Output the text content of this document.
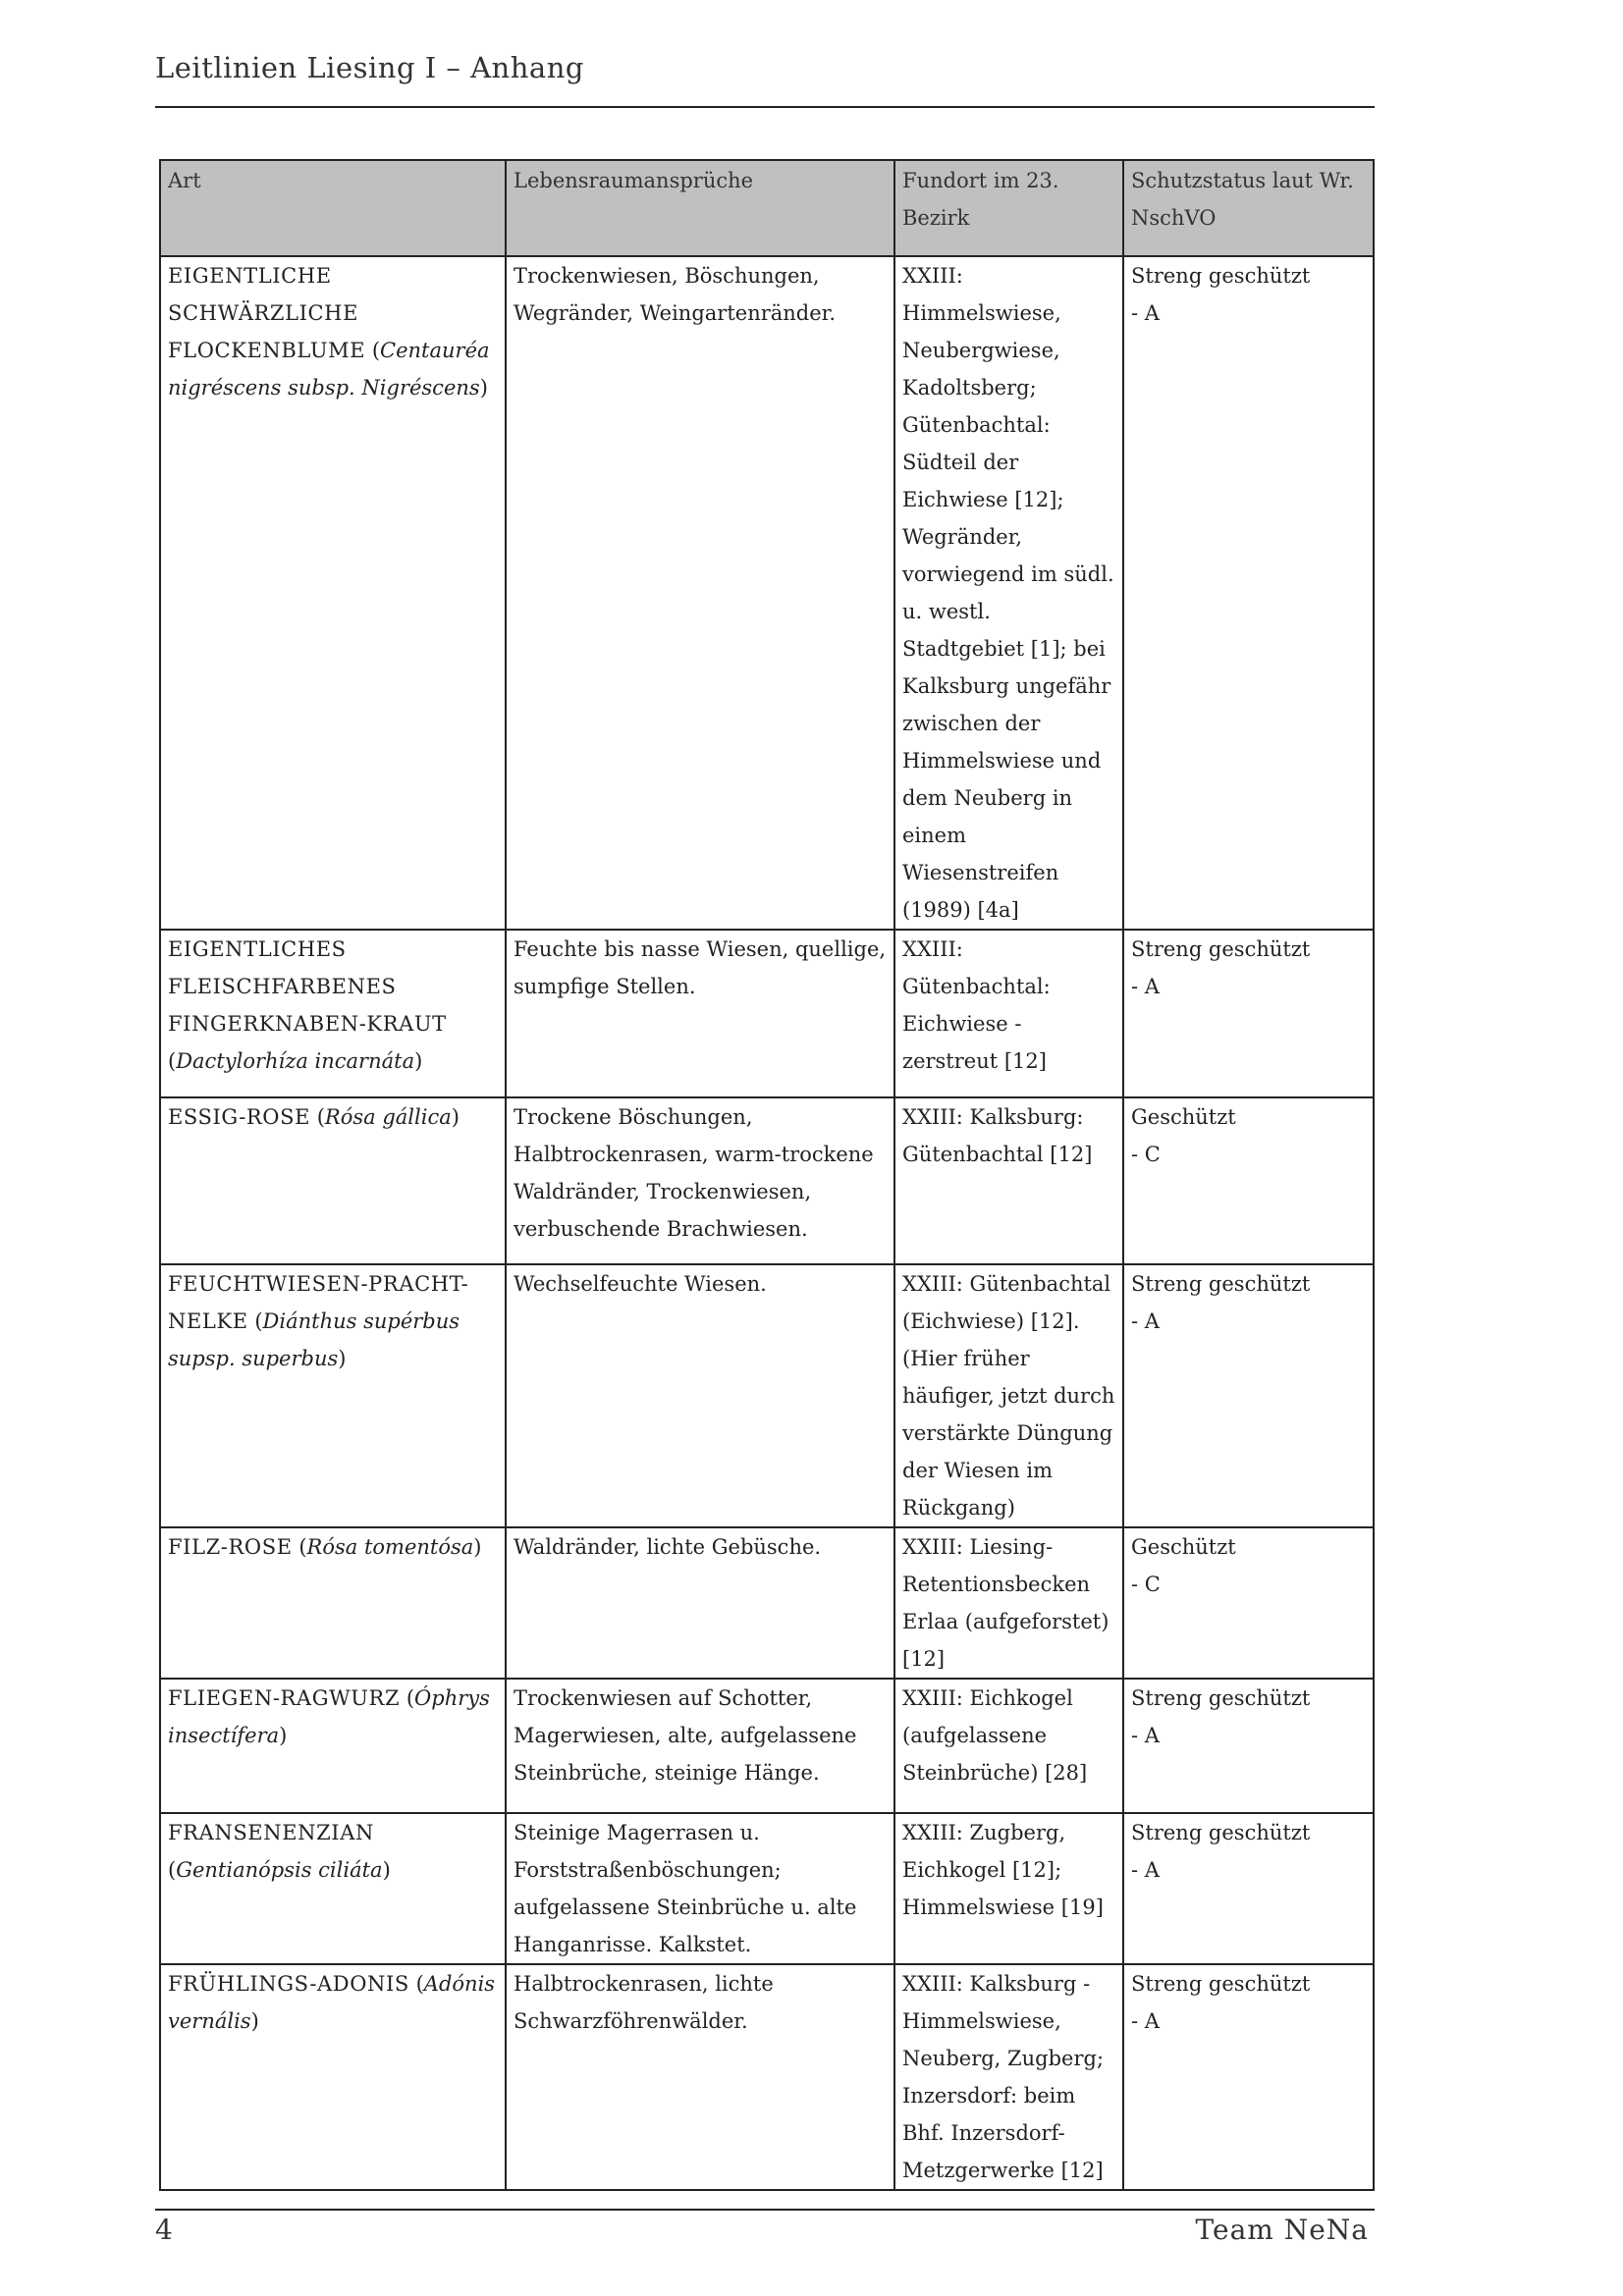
Leitlinien Liesing I – Anhang
Art	Lebensraumansprüche	Fundort im 23. Bezirk	Schutzstatus laut Wr. NschVO
EIGENTLICHE SCHWÄRZLICHE FLOCKENBLUME (Centauréa nigréscens subsp. Nigréscens)	Trockenwiesen, Böschungen, Wegränder, Weingartenränder.	XXIII: Himmelswiese, Neubergwiese, Kadoltsberg; Gütenbachtal: Südteil der Eichwiese [12]; Wegränder, vorwiegend im südl. u. westl. Stadtgebiet [1]; bei Kalksburg ungefähr zwischen der Himmelswiese und dem Neuberg in einem Wiesenstreifen (1989) [4a]	Streng geschützt
- A

EIGENTLICHES FLEISCHFARBENES FINGERKNABEN-KRAUT (Dactylorhíza incarnáta)	Feuchte bis nasse Wiesen, quellige, sumpfige Stellen.	XXIII: Gütenbachtal: Eichwiese - zerstreut [12]	Streng geschützt
- A

ESSIG-ROSE (Rósa gállica)	Trockene Böschungen, Halbtrockenrasen, warm-trockene Waldränder, Trockenwiesen, verbuschende Brachwiesen.	XXIII: Kalksburg: Gütenbachtal [12]	Geschützt
- C

FEUCHTWIESEN-PRACHT-NELKE (Diánthus supérbus supsp. superbus)	Wechselfeuchte Wiesen.	XXIII: Gütenbachtal (Eichwiese) [12]. (Hier früher häufiger, jetzt durch verstärkte Düngung der Wiesen im Rückgang)	Streng geschützt
- A

FILZ-ROSE (Rósa tomentósa)	Waldränder, lichte Gebüsche.	XXIII: Liesing-Retentionsbecken Erlaa (aufgeforstet) [12]	Geschützt
- C

FLIEGEN-RAGWURZ (Óphrys insectífera)	Trockenwiesen auf Schotter, Magerwiesen, alte, aufgelassene Steinbrüche, steinige Hänge.	XXIII: Eichkogel (aufgelassene Steinbrüche) [28]	Streng geschützt
- A

FRANSENENZIAN (Gentianópsis ciliáta)	Steinige Magerrasen u. Forststraßenböschungen; aufgelassene Steinbrüche u. alte Hanganrisse. Kalkstet.	XXIII: Zugberg, Eichkogel [12]; Himmelswiese [19]	Streng geschützt
- A

FRÜHLINGS-ADONIS (Adónis vernális)	Halbtrockenrasen, lichte Schwarzföhrenwälder.	XXIII: Kalksburg - Himmelswiese, Neuberg, Zugberg; Inzersdorf: beim Bhf. Inzersdorf-Metzgerwerke [12]	Streng geschützt
- A
4	Team NeNa
